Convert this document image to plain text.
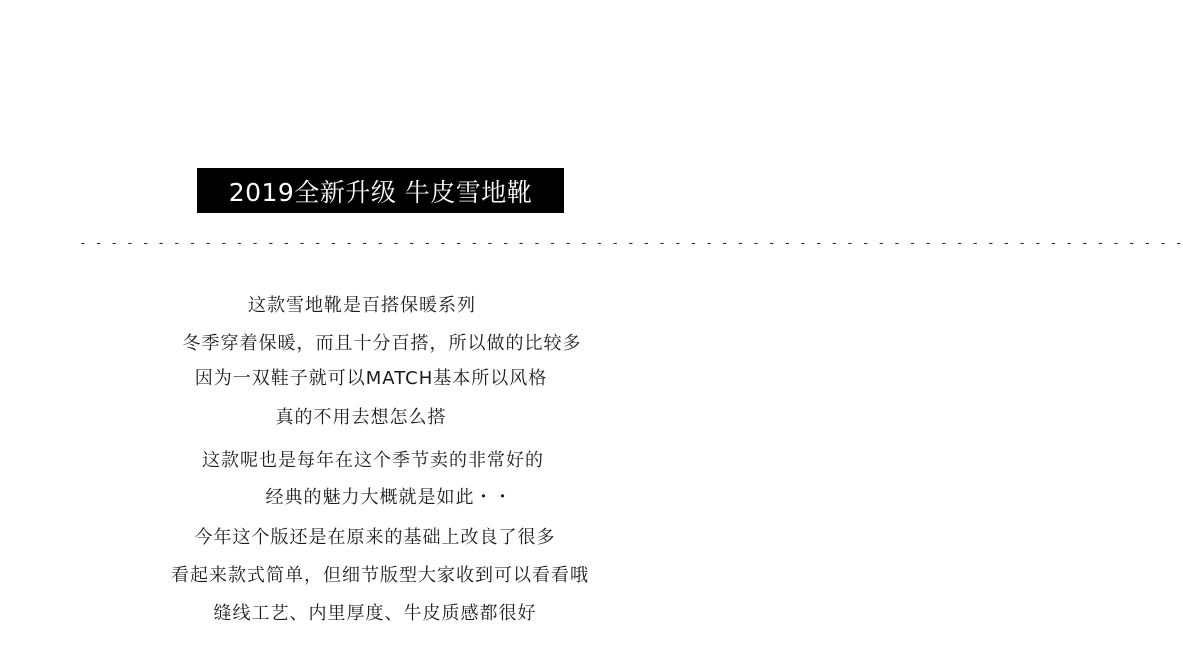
2019全新升级 牛皮雪地靴
- - - - - - - - - - - - - - - - - - - - - - - - - - - - - - - - - - - - - - - - - - - - - - - - - - - - - - - - - - - - - - - - - - - - - - -
这款雪地靴是百搭保暖系列
冬季穿着保暖，而且十分百搭，所以做的比较多
因为一双鞋子就可以MATCH基本所以风格
真的不用去想怎么搭
这款呢也是每年在这个季节卖的非常好的
经典的魅力大概就是如此・・
今年这个版还是在原来的基础上改良了很多
看起来款式简单，但细节版型大家收到可以看看哦
缝线工艺、内里厚度、牛皮质感都很好
